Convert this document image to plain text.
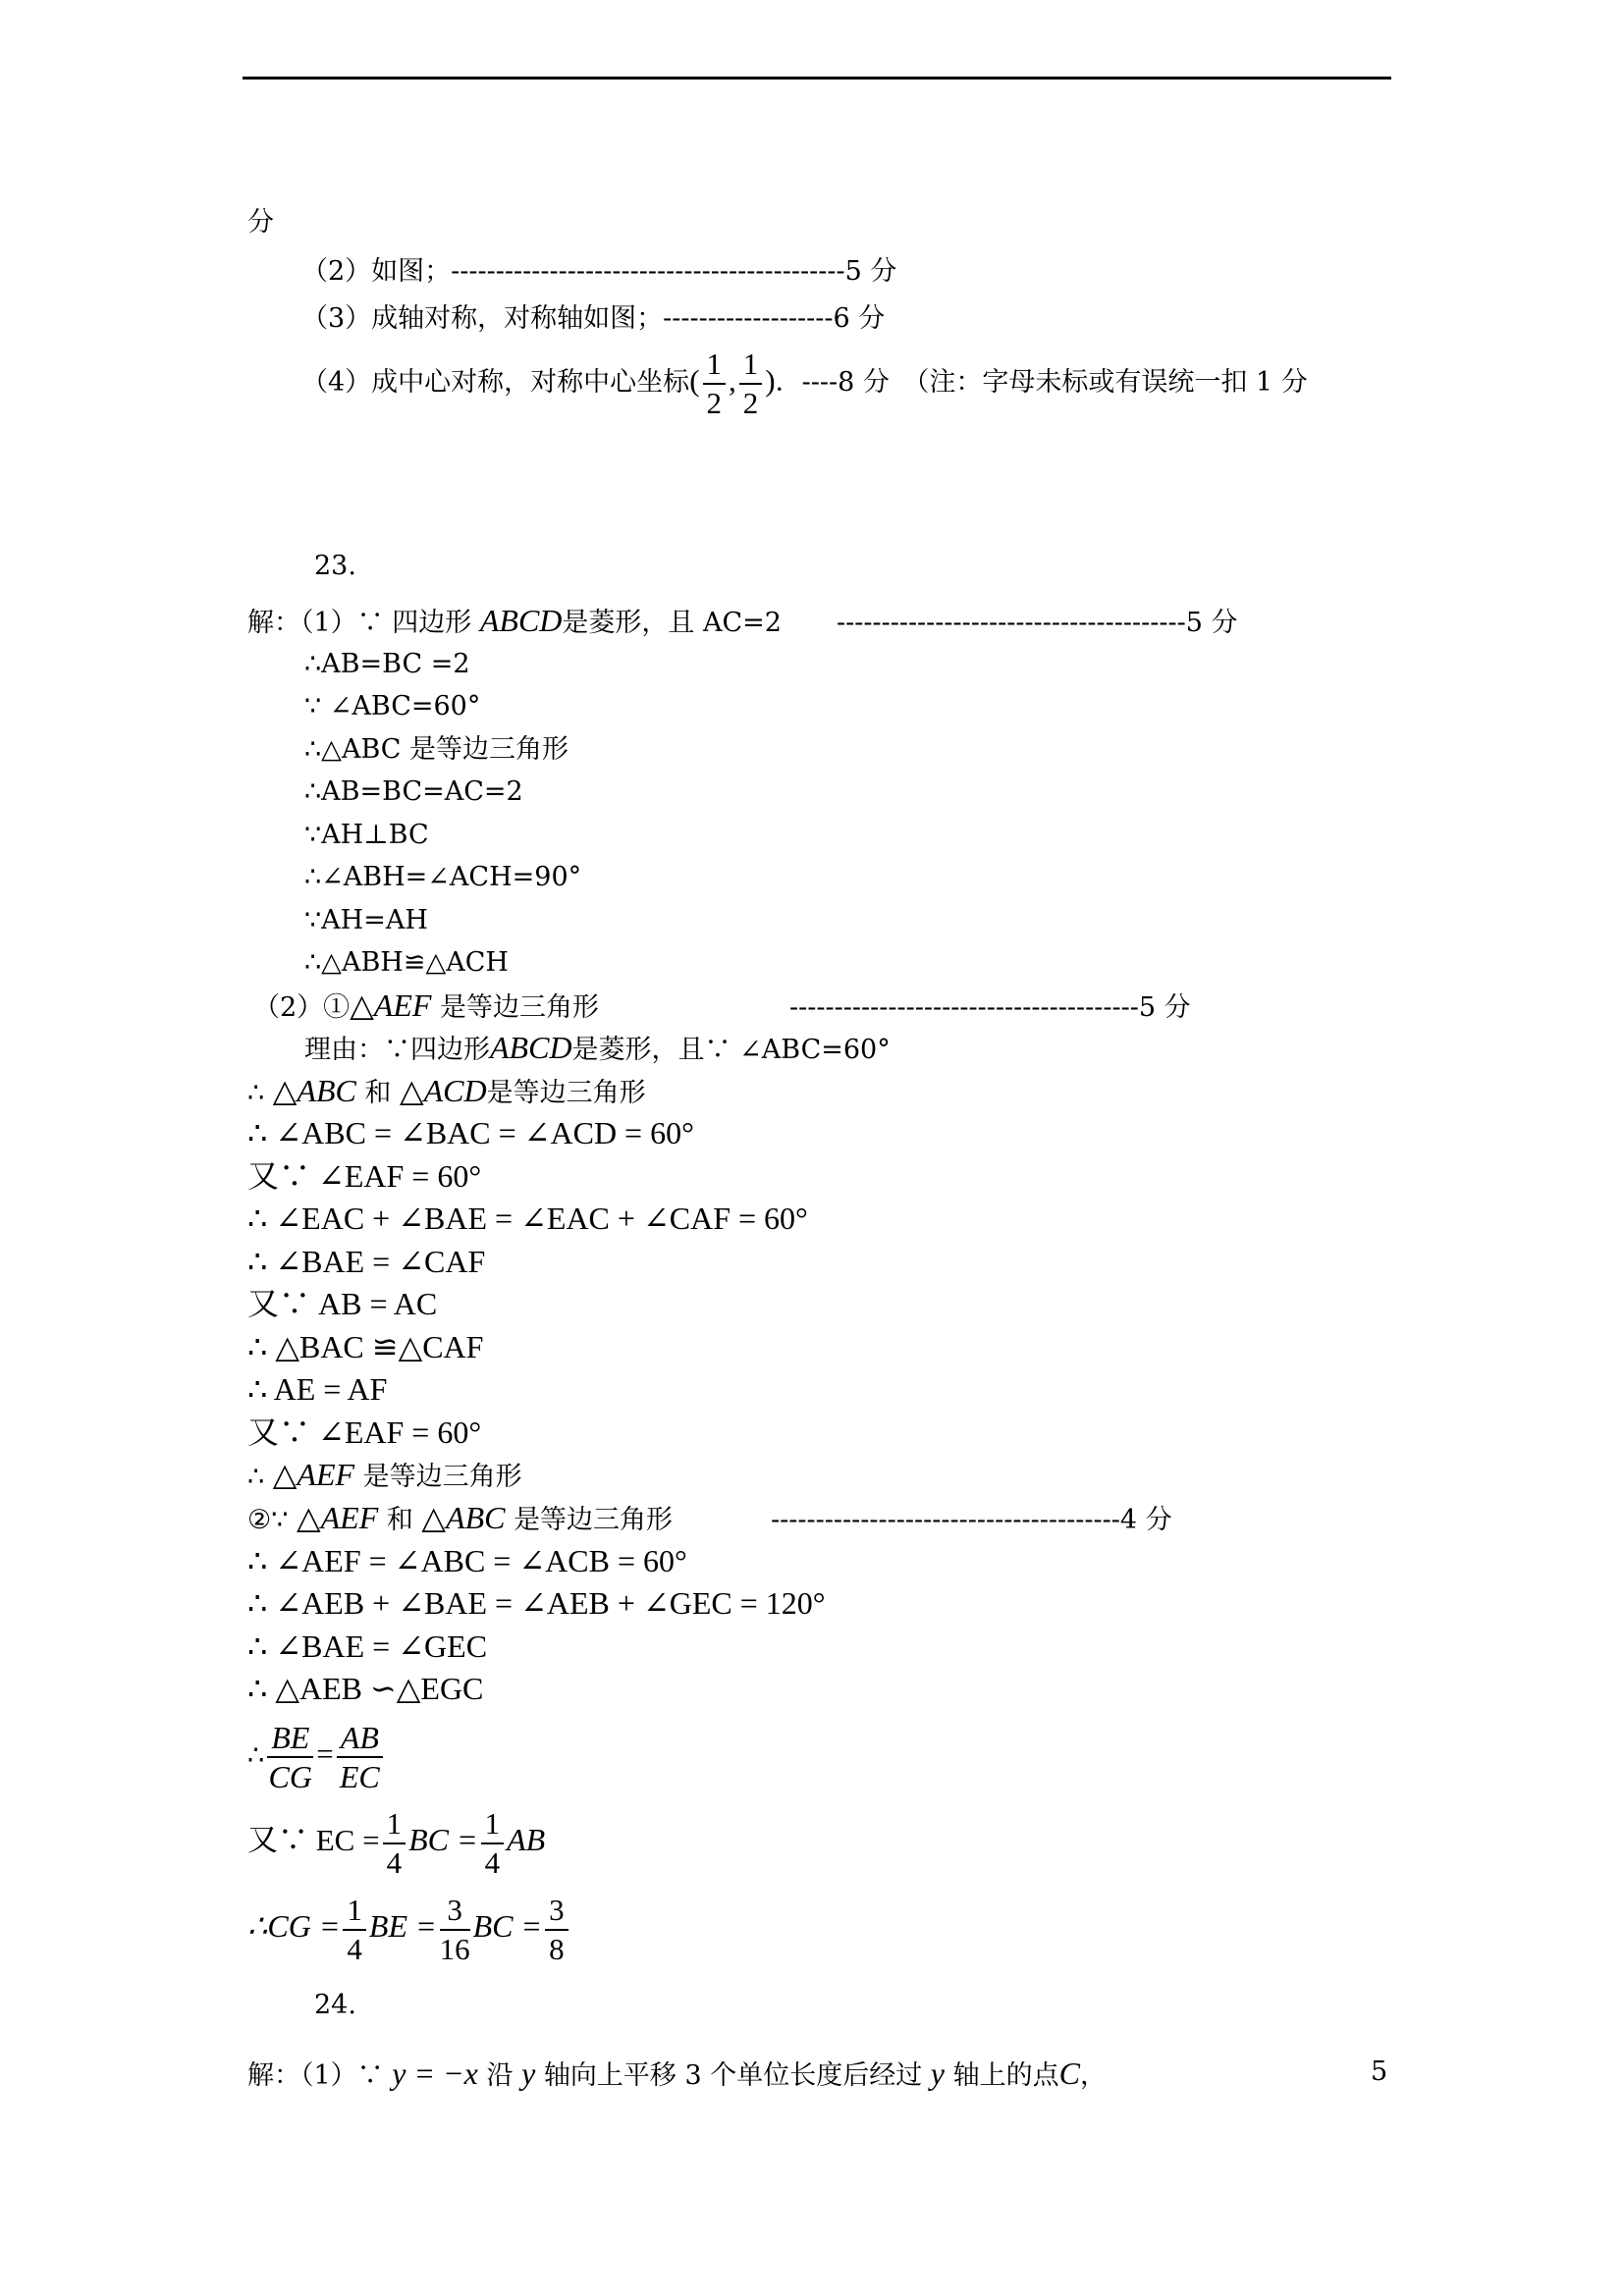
分
（2）如图；--------------------------------------------5 分
（3）成轴对称，对称轴如图；-------------------6 分
（4）成中心对称，对称中心坐标( $\frac{1}{2}$ , $\frac{1}{2}$ )．----8 分　（注：字母未标或有误统一扣 1 分
23.
解：（1）∵ 四边形 ABCD是菱形，且 AC=2 ---------------------------------------5 分
∴AB=BC =2
∵ ∠ABC=60°
∴△ABC 是等边三角形
∴AB=BC=AC=2
∵AH⊥BC
∴∠ABH=∠ACH=90°
∵AH=AH
∴△ABH≌△ACH
（2）①△AEF 是等边三角形	---------------------------------------5 分
理由：∵四边形ABCD是菱形，且∵ ∠ABC=60°
∴ △ABC 和 △ACD是等边三角形
∴ ∠ABC = ∠BAC = ∠ACD = 60°
又∵ ∠EAF = 60°
∴ ∠EAC + ∠BAE = ∠EAC + ∠CAF = 60°
∴ ∠BAE = ∠CAF
又∵ AB = AC
∴ △BAC ≌△CAF
∴ AE = AF
又∵ ∠EAF = 60°
∴ △AEF 是等边三角形
②∵ △AEF 和 △ABC 是等边三角形	---------------------------------------4 分
∴ ∠AEF = ∠ABC = ∠ACB = 60°
∴ ∠AEB + ∠BAE = ∠AEB + ∠GEC = 120°
∴ ∠BAE = ∠GEC
∴ △AEB ∽△EGC
∴ $\frac{BE}{CG} = \frac{AB}{EC}$
又∵ EC = $\frac{1}{4}$ BC = $\frac{1}{4}$ AB
∴CG = $\frac{1}{4}$ BE = $\frac{3}{16}$ BC = $\frac{3}{8}$
24.
解：（1）∵ y = −x 沿 y 轴向上平移 3 个单位长度后经过 y 轴上的点C，	5
